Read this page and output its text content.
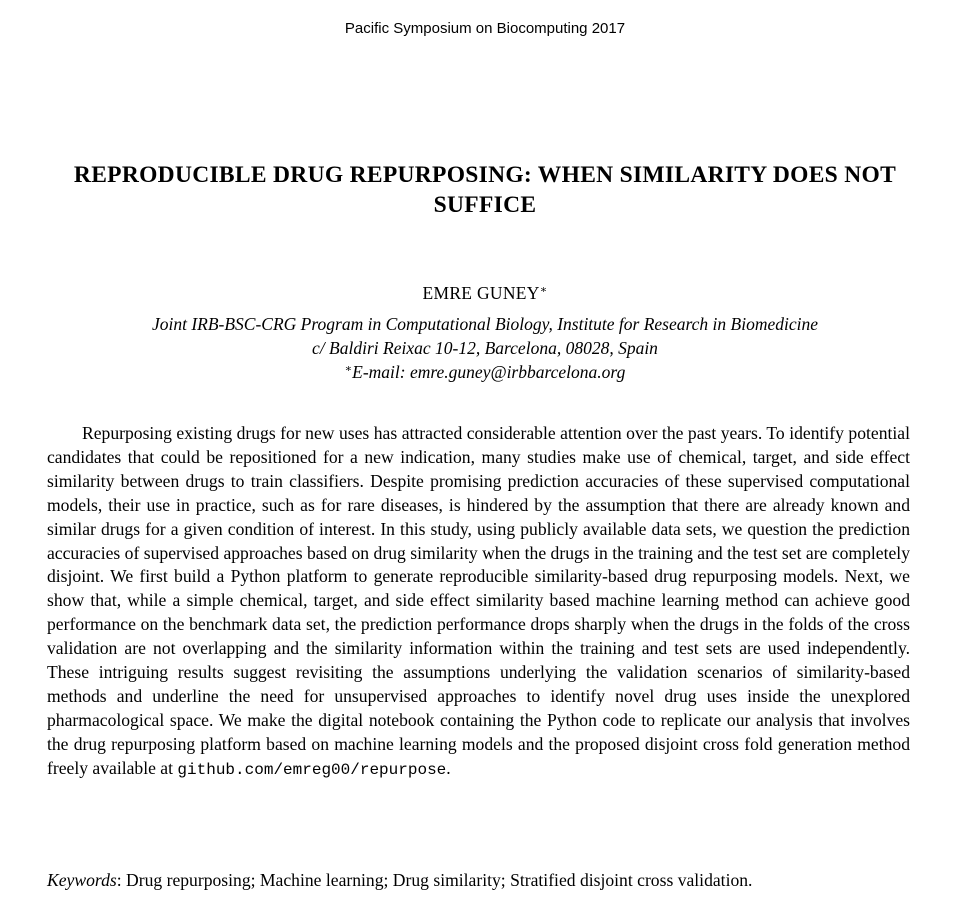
Pacific Symposium on Biocomputing 2017
REPRODUCIBLE DRUG REPURPOSING: WHEN SIMILARITY DOES NOT
SUFFICE
EMRE GUNEY∗
Joint IRB-BSC-CRG Program in Computational Biology, Institute for Research in Biomedicine
c/ Baldiri Reixac 10-12, Barcelona, 08028, Spain
∗E-mail: emre.guney@irbbarcelona.org

Repurposing existing drugs for new uses has attracted considerable attention over the past years. To identify potential candidates that could be repositioned for a new indication, many studies make use of chemical, target, and side effect similarity between drugs to train classifiers. Despite promising prediction accuracies of these supervised computational models, their use in practice, such as for rare diseases, is hindered by the assumption that there are already known and similar drugs for a given condition of interest. In this study, using publicly available data sets, we question the prediction accuracies of supervised approaches based on drug similarity when the drugs in the training and the test set are completely disjoint. We first build a Python platform to generate reproducible similarity-based drug repurposing models. Next, we show that, while a simple chemical, target, and side effect similarity based machine learning method can achieve good performance on the benchmark data set, the prediction performance drops sharply when the drugs in the folds of the cross validation are not overlapping and the similarity information within the training and test sets are used independently. These intriguing results suggest revisiting the assumptions underlying the validation scenarios of similarity-based methods and underline the need for unsupervised approaches to identify novel drug uses inside the unexplored pharmacological space. We make the digital notebook containing the Python code to replicate our analysis that involves the drug repurposing platform based on machine learning models and the proposed disjoint cross fold generation method freely available at github.com/emreg00/repurpose.

Keywords: Drug repurposing; Machine learning; Drug similarity; Stratified disjoint cross validation.
